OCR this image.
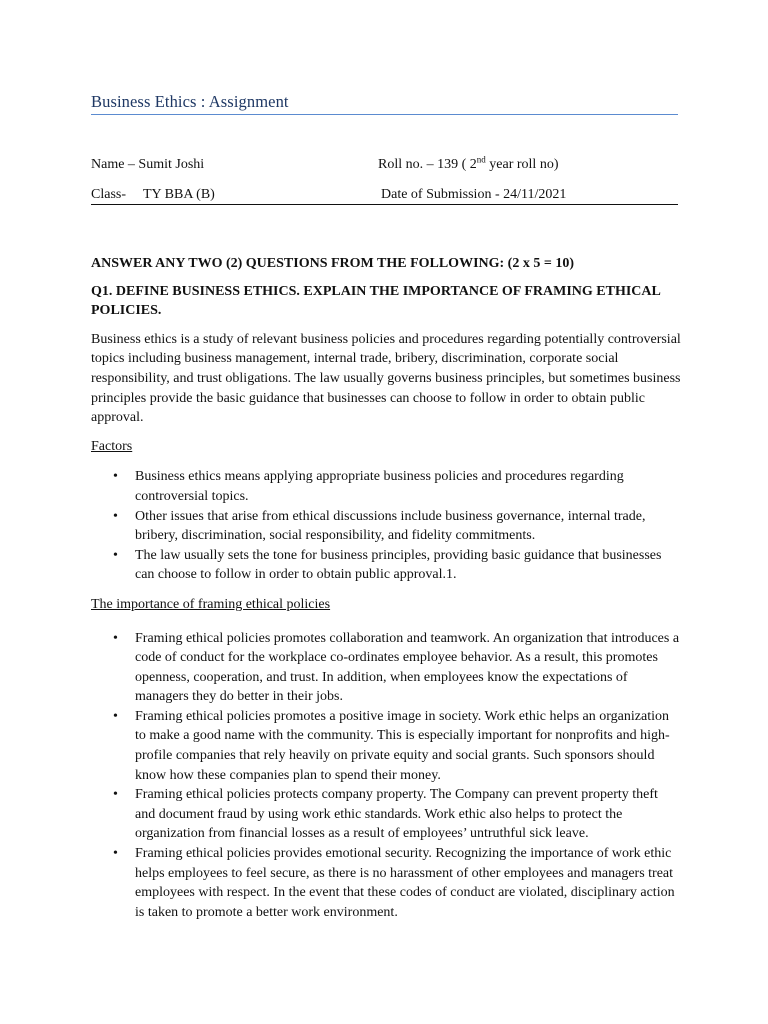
Business Ethics : Assignment
Name – Sumit Joshi	Roll no. – 139 ( 2nd year roll no)
Class- TY BBA (B)	Date of Submission - 24/11/2021

ANSWER ANY TWO (2) QUESTIONS FROM THE FOLLOWING: (2 x 5 = 10)

Q1. DEFINE BUSINESS ETHICS. EXPLAIN THE IMPORTANCE OF FRAMING ETHICAL POLICIES.

Business ethics is a study of relevant business policies and procedures regarding potentially controversial topics including business management, internal trade, bribery, discrimination, corporate social responsibility, and trust obligations. The law usually governs business principles, but sometimes business principles provide the basic guidance that businesses can choose to follow in order to obtain public approval.

Factors

• Business ethics means applying appropriate business policies and procedures regarding controversial topics.
• Other issues that arise from ethical discussions include business governance, internal trade, bribery, discrimination, social responsibility, and fidelity commitments.
• The law usually sets the tone for business principles, providing basic guidance that businesses can choose to follow in order to obtain public approval.1.

The importance of framing ethical policies

• Framing ethical policies promotes collaboration and teamwork. An organization that introduces a code of conduct for the workplace co-ordinates employee behavior. As a result, this promotes openness, cooperation, and trust. In addition, when employees know the expectations of managers they do better in their jobs.
• Framing ethical policies promotes a positive image in society. Work ethic helps an organization to make a good name with the community. This is especially important for nonprofits and high-profile companies that rely heavily on private equity and social grants. Such sponsors should know how these companies plan to spend their money.
• Framing ethical policies protects company property. The Company can prevent property theft and document fraud by using work ethic standards. Work ethic also helps to protect the organization from financial losses as a result of employees’ untruthful sick leave.
• Framing ethical policies provides emotional security. Recognizing the importance of work ethic helps employees to feel secure, as there is no harassment of other employees and managers treat employees with respect. In the event that these codes of conduct are violated, disciplinary action is taken to promote a better work environment.
